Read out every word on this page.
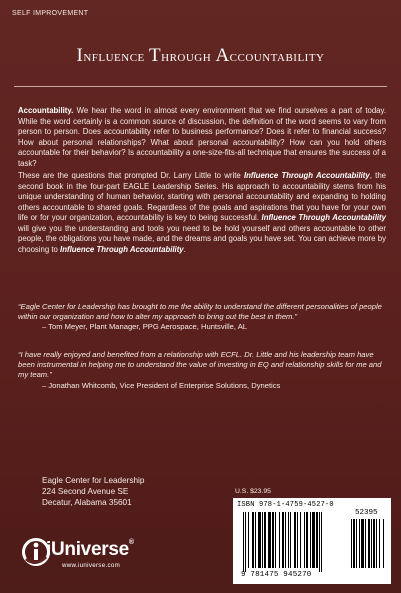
SELF IMPROVEMENT
Influence Through Accountability
Accountability. We hear the word in almost every environment that we find ourselves a part of today. While the word certainly is a common source of discussion, the definition of the word seems to vary from person to person. Does accountability refer to business performance? Does it refer to financial success? How about personal relationships? What about personal accountability? How can you hold others accountable for their behavior? Is accountability a one-size-fits-all technique that ensures the success of a task?
These are the questions that prompted Dr. Larry Little to write Influence Through Accountability, the second book in the four-part EAGLE Leadership Series. His approach to accountability stems from his unique understanding of human behavior, starting with personal accountability and expanding to holding others accountable to shared goals. Regardless of the goals and aspirations that you have for your own life or for your organization, accountability is key to being successful. Influence Through Accountability will give you the understanding and tools you need to be hold yourself and others accountable to other people, the obligations you have made, and the dreams and goals you have set. You can achieve more by choosing to Influence Through Accountability.
“Eagle Center for Leadership has brought to me the ability to understand the different personalities of people within our organization and how to alter my approach to bring out the best in them.”
– Tom Meyer, Plant Manager, PPG Aerospace, Huntsville, AL
“I have really enjoyed and benefited from a relationship with ECFL. Dr. Little and his leadership team have been instrumental in helping me to understand the value of investing in EQ and relationship skills for me and my team.”
– Jonathan Whitcomb, Vice President of Enterprise Solutions, Dynetics
Eagle Center for Leadership
224 Second Avenue SE
Decatur, Alabama 35601
iUniverse®
www.iuniverse.com
U.S. $23.95
ISBN 978-1-4759-4527-0
52395
9 781475 945270
